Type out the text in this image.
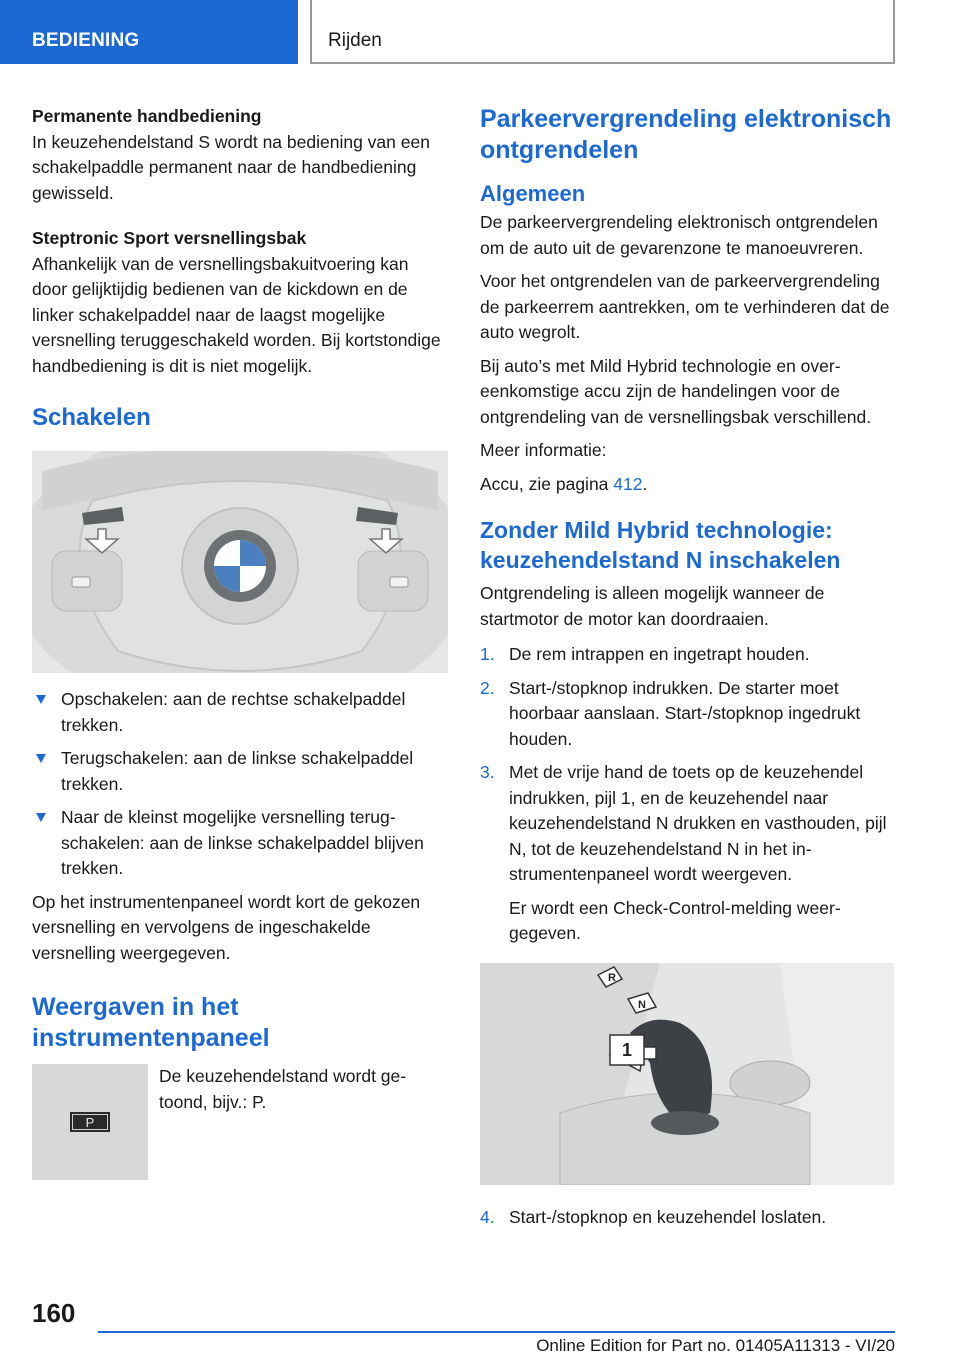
BEDIENING	Rijden

Permanente handbediening

In keuzehendelstand S wordt na bediening van een schakelpaddle permanent naar de handbediening gewisseld.

Steptronic Sport versnellingsbak

Afhankelijk van de versnellingsbakuitvoering kan door gelijktijdig bedienen van de kickdown en de linker schakelpaddel naar de laagst mogelijke versnelling teruggeschakeld worden. Bij kortstondige handbediening is dit is niet mogelijk.

Schakelen
Opschakelen: aan de rechtse schakelpaddel trekken.
Terugschakelen: aan de linkse schakelpaddel trekken.
Naar de kleinst mogelijke versnelling terugschakelen: aan de linkse schakelpaddel blijven trekken.

Op het instrumentenpaneel wordt kort de gekozen versnelling en vervolgens de ingeschakelde versnelling weergegeven.

Weergaven in het instrumentenpaneel
P

De keuzehendelstand wordt getoond, bijv.: P.

Parkeervergrendeling elektronisch ontgrendelen
Algemeen

De parkeervergrendeling elektronisch ontgrendelen om de auto uit de gevarenzone te manoeuvreren.

Voor het ontgrendelen van de parkeervergrendeling de parkeerrem aantrekken, om te verhinderen dat de auto wegrolt.

Bij auto’s met Mild Hybrid technologie en overeenkomstige accu zijn de handelingen voor de ontgrendeling van de versnellingsbak verschillend.

Meer informatie:

Accu, zie pagina 412.

Zonder Mild Hybrid technologie: keuzehendelstand N inschakelen

Ontgrendeling is alleen mogelijk wanneer de startmotor de motor kan doordraaien.

1. De rem intrappen en ingetrapt houden.
2. Start-/stopknop indrukken. De starter moet hoorbaar aanslaan. Start-/stopknop ingedrukt houden.
3. Met de vrije hand de toets op de keuzehendel indrukken, pijl 1, en de keuzehendel naar keuzehendelstand N drukken en vasthouden, pijl N, tot de keuzehendelstand N in het instrumentenpaneel wordt weergeven.
Er wordt een Check-Control-melding weergegeven.
R
N
1
4. Start-/stopknop en keuzehendel loslaten.
160
Online Edition for Part no. 01405A11313 - VI/20
